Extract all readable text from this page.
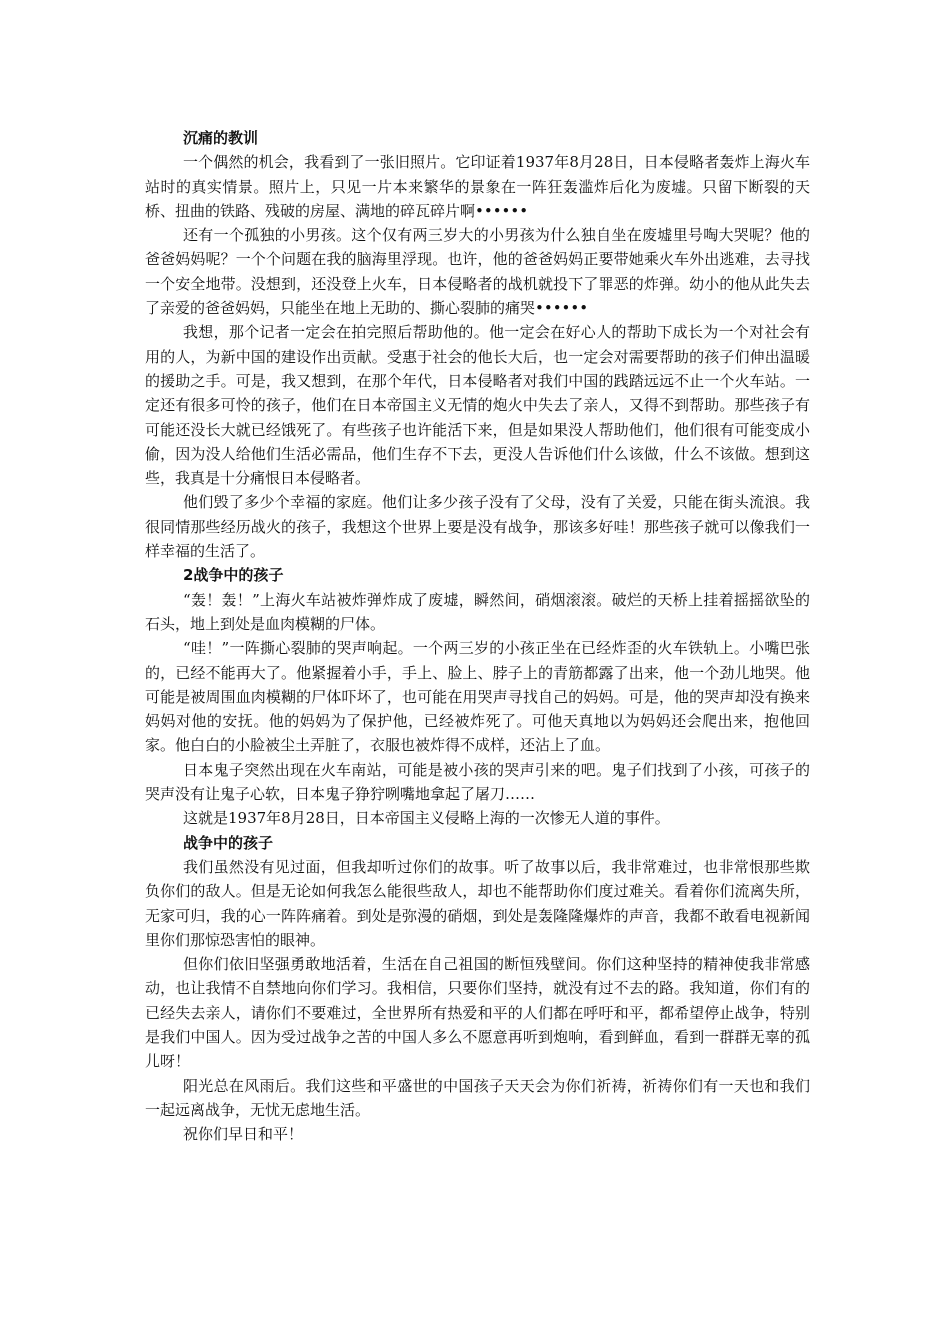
沉痛的教训

一个偶然的机会，我看到了一张旧照片。它印证着1937年8月28日，日本侵略者轰炸上海火车站时的真实情景。照片上，只见一片本来繁华的景象在一阵狂轰滥炸后化为废墟。只留下断裂的天桥、扭曲的铁路、残破的房屋、满地的碎瓦碎片啊••••••

还有一个孤独的小男孩。这个仅有两三岁大的小男孩为什么独自坐在废墟里号啕大哭呢？他的爸爸妈妈呢？一个个问题在我的脑海里浮现。也许，他的爸爸妈妈正要带她乘火车外出逃难，去寻找一个安全地带。没想到，还没登上火车，日本侵略者的战机就投下了罪恶的炸弹。幼小的他从此失去了亲爱的爸爸妈妈，只能坐在地上无助的、撕心裂肺的痛哭••••••

我想，那个记者一定会在拍完照后帮助他的。他一定会在好心人的帮助下成长为一个对社会有用的人，为新中国的建设作出贡献。受惠于社会的他长大后，也一定会对需要帮助的孩子们伸出温暖的援助之手。可是，我又想到，在那个年代，日本侵略者对我们中国的践踏远远不止一个火车站。一定还有很多可怜的孩子，他们在日本帝国主义无情的炮火中失去了亲人，又得不到帮助。那些孩子有可能还没长大就已经饿死了。有些孩子也许能活下来，但是如果没人帮助他们，他们很有可能变成小偷，因为没人给他们生活必需品，他们生存不下去，更没人告诉他们什么该做，什么不该做。想到这些，我真是十分痛恨日本侵略者。

他们毁了多少个幸福的家庭。他们让多少孩子没有了父母，没有了关爱，只能在街头流浪。我很同情那些经历战火的孩子，我想这个世界上要是没有战争，那该多好哇！那些孩子就可以像我们一样幸福的生活了。

2战争中的孩子

“轰！轰！”上海火车站被炸弹炸成了废墟，瞬然间，硝烟滚滚。破烂的天桥上挂着摇摇欲坠的石头，地上到处是血肉模糊的尸体。

“哇！”一阵撕心裂肺的哭声响起。一个两三岁的小孩正坐在已经炸歪的火车铁轨上。小嘴巴张的，已经不能再大了。他紧握着小手，手上、脸上、脖子上的青筋都露了出来，他一个劲儿地哭。他可能是被周围血肉模糊的尸体吓坏了，也可能在用哭声寻找自己的妈妈。可是，他的哭声却没有换来妈妈对他的安抚。他的妈妈为了保护他，已经被炸死了。可他天真地以为妈妈还会爬出来，抱他回家。他白白的小脸被尘土弄脏了，衣服也被炸得不成样，还沾上了血。

日本鬼子突然出现在火车南站，可能是被小孩的哭声引来的吧。鬼子们找到了小孩，可孩子的哭声没有让鬼子心软，日本鬼子狰狞咧嘴地拿起了屠刀……

这就是1937年8月28日，日本帝国主义侵略上海的一次惨无人道的事件。

战争中的孩子

我们虽然没有见过面，但我却听过你们的故事。听了故事以后，我非常难过，也非常恨那些欺负你们的敌人。但是无论如何我怎么能很些敌人，却也不能帮助你们度过难关。看着你们流离失所，无家可归，我的心一阵阵痛着。到处是弥漫的硝烟，到处是轰隆隆爆炸的声音，我都不敢看电视新闻里你们那惊恐害怕的眼神。

但你们依旧坚强勇敢地活着，生活在自己祖国的断恒残壁间。你们这种坚持的精神使我非常感动，也让我情不自禁地向你们学习。我相信，只要你们坚持，就没有过不去的路。我知道，你们有的已经失去亲人，请你们不要难过，全世界所有热爱和平的人们都在呼吁和平，都希望停止战争，特别是我们中国人。因为受过战争之苦的中国人多么不愿意再听到炮响，看到鲜血，看到一群群无辜的孤儿呀！

阳光总在风雨后。我们这些和平盛世的中国孩子天天会为你们祈祷，祈祷你们有一天也和我们一起远离战争，无忧无虑地生活。

祝你们早日和平！
